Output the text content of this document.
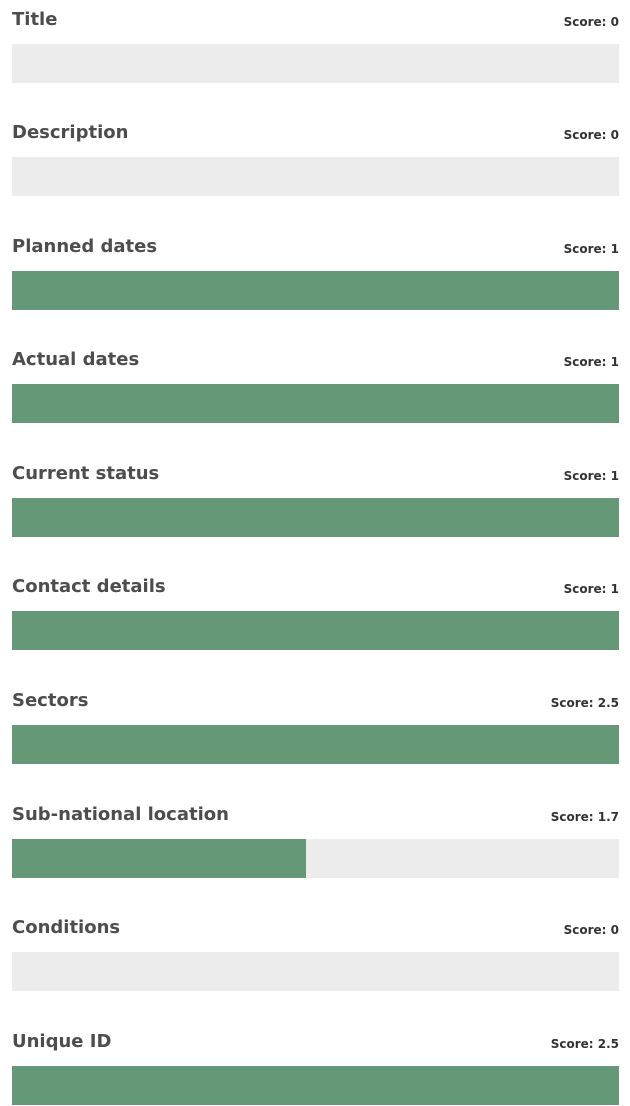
Title	Score: 0
Description	Score: 0
Planned dates	Score: 1
Actual dates	Score: 1
Current status	Score: 1
Contact details	Score: 1
Sectors	Score: 2.5
Sub-national location	Score: 1.7
Conditions	Score: 0
Unique ID	Score: 2.5
